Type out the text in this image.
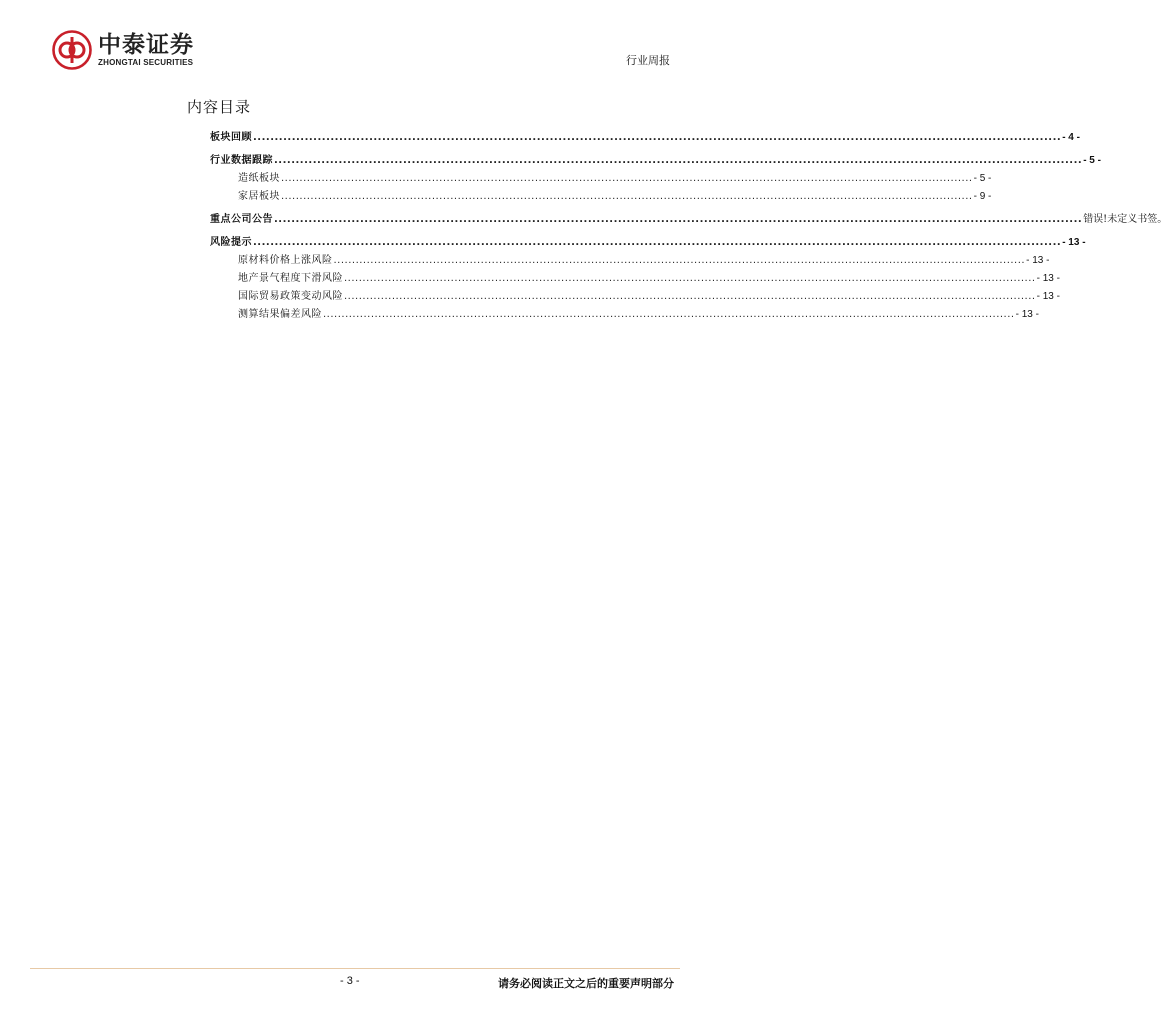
中泰证券
ZHONGTAI SECURITIES	行业周报
内容目录
板块回顾 ............................................................................................................................................................................................ - 4 -
行业数据跟踪 ............................................................................................................................................................................................ - 5 -
造纸板块 ............................................................................................................................................................................................ - 5 -
家居板块 ............................................................................................................................................................................................ - 9 -
重点公司公告 ............................................................................................................................................................................................ 错误!未定义书签。
风险提示 ............................................................................................................................................................................................ - 13 -
原材料价格上涨风险 ............................................................................................................................................................................................ - 13 -
地产景气程度下滑风险 ............................................................................................................................................................................................ - 13 -
国际贸易政策变动风险 ............................................................................................................................................................................................ - 13 -
测算结果偏差风险 ............................................................................................................................................................................................ - 13 -
- 3 -	请务必阅读正文之后的重要声明部分
